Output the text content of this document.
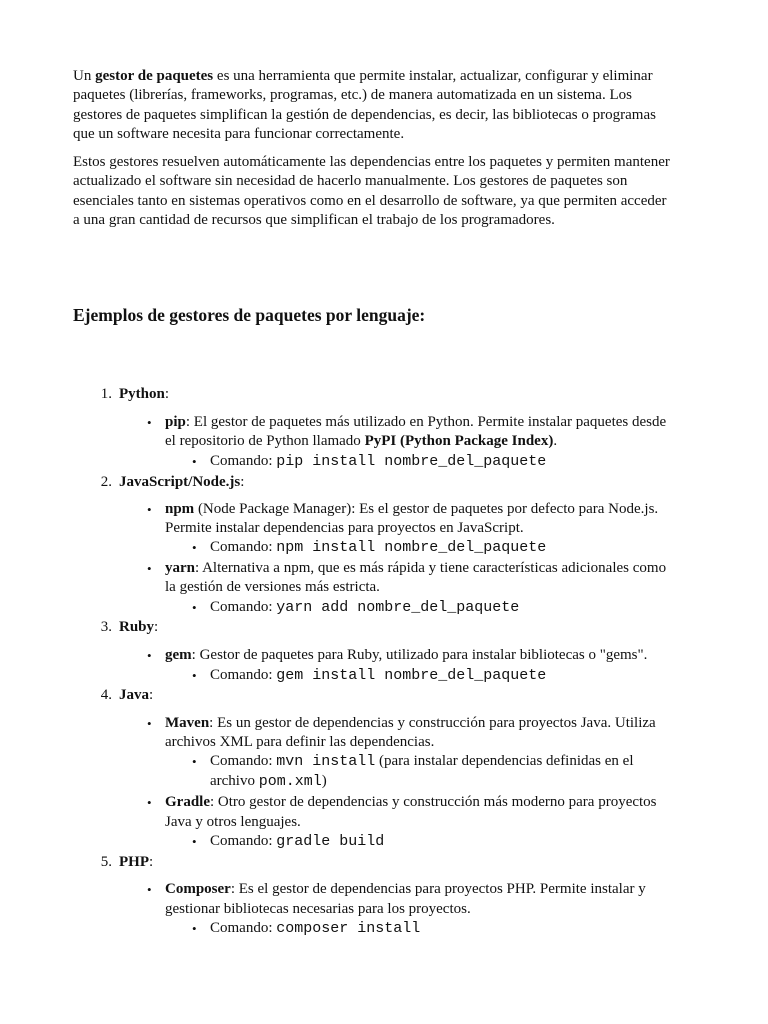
Un gestor de paquetes es una herramienta que permite instalar, actualizar, configurar y eliminar
paquetes (librerías, frameworks, programas, etc.) de manera automatizada en un sistema. Los
gestores de paquetes simplifican la gestión de dependencias, es decir, las bibliotecas o programas
que un software necesita para funcionar correctamente.

Estos gestores resuelven automáticamente las dependencias entre los paquetes y permiten mantener
actualizado el software sin necesidad de hacerlo manualmente. Los gestores de paquetes son
esenciales tanto en sistemas operativos como en el desarrollo de software, ya que permiten acceder
a una gran cantidad de recursos que simplifican el trabajo de los programadores.

Ejemplos de gestores de paquetes por lenguaje:
1. Python:
• pip: El gestor de paquetes más utilizado en Python. Permite instalar paquetes desde
el repositorio de Python llamado PyPI (Python Package Index).
• Comando: pip install nombre_del_paquete
2. JavaScript/Node.js:
• npm (Node Package Manager): Es el gestor de paquetes por defecto para Node.js.
Permite instalar dependencias para proyectos en JavaScript.
• Comando: npm install nombre_del_paquete
• yarn: Alternativa a npm, que es más rápida y tiene características adicionales como
la gestión de versiones más estricta.
• Comando: yarn add nombre_del_paquete
3. Ruby:
• gem: Gestor de paquetes para Ruby, utilizado para instalar bibliotecas o "gems".
• Comando: gem install nombre_del_paquete
4. Java:
• Maven: Es un gestor de dependencias y construcción para proyectos Java. Utiliza
archivos XML para definir las dependencias.
• Comando: mvn install (para instalar dependencias definidas en el
archivo pom.xml)
• Gradle: Otro gestor de dependencias y construcción más moderno para proyectos
Java y otros lenguajes.
• Comando: gradle build
5. PHP:
• Composer: Es el gestor de dependencias para proyectos PHP. Permite instalar y
gestionar bibliotecas necesarias para los proyectos.
• Comando: composer install
